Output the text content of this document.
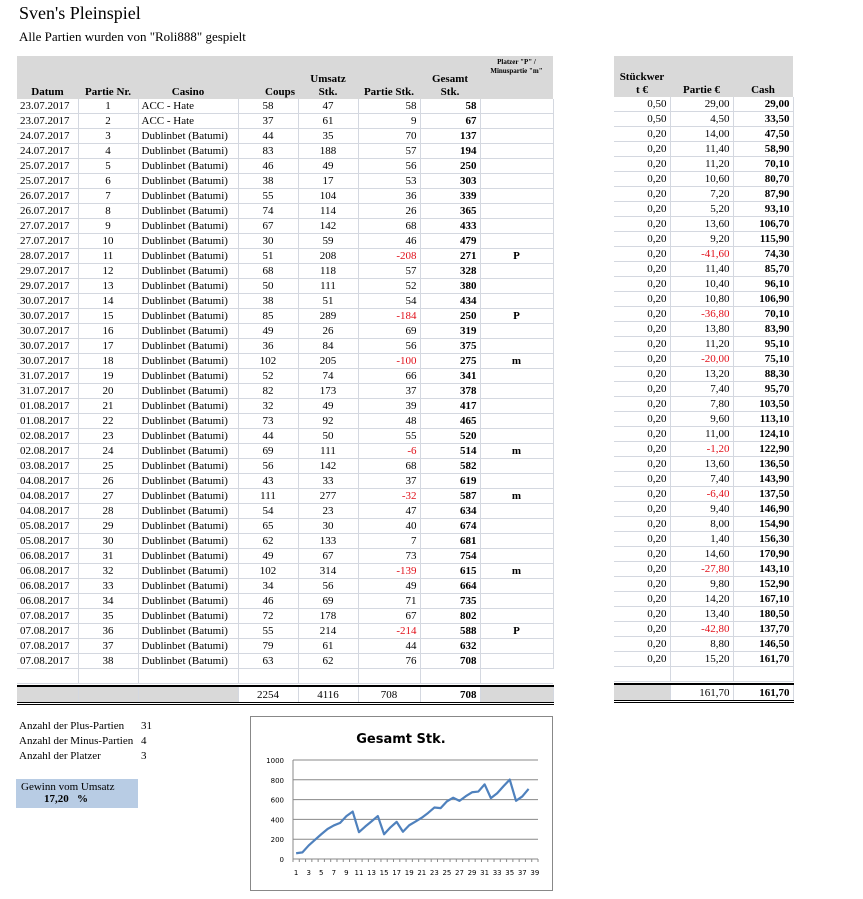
Sven's Pleinspiel
Alle Partien wurden von "Roli888" gespielt
Datum	Partie Nr.	Casino	Coups	Umsatz Stk.	Partie Stk.	Gesamt Stk.	Platzer "P" / Minuspartie "m"
23.07.2017	1	ACC - Hate	58	47	58	58	
23.07.2017	2	ACC - Hate	37	61	9	67	
24.07.2017	3	Dublinbet (Batumi)	44	35	70	137	
24.07.2017	4	Dublinbet (Batumi)	83	188	57	194	
25.07.2017	5	Dublinbet (Batumi)	46	49	56	250	
25.07.2017	6	Dublinbet (Batumi)	38	17	53	303	
26.07.2017	7	Dublinbet (Batumi)	55	104	36	339	
26.07.2017	8	Dublinbet (Batumi)	74	114	26	365	
27.07.2017	9	Dublinbet (Batumi)	67	142	68	433	
27.07.2017	10	Dublinbet (Batumi)	30	59	46	479	
28.07.2017	11	Dublinbet (Batumi)	51	208	-208	271	P
29.07.2017	12	Dublinbet (Batumi)	68	118	57	328	
29.07.2017	13	Dublinbet (Batumi)	50	111	52	380	
30.07.2017	14	Dublinbet (Batumi)	38	51	54	434	
30.07.2017	15	Dublinbet (Batumi)	85	289	-184	250	P
30.07.2017	16	Dublinbet (Batumi)	49	26	69	319	
30.07.2017	17	Dublinbet (Batumi)	36	84	56	375	
30.07.2017	18	Dublinbet (Batumi)	102	205	-100	275	m
31.07.2017	19	Dublinbet (Batumi)	52	74	66	341	
31.07.2017	20	Dublinbet (Batumi)	82	173	37	378	
01.08.2017	21	Dublinbet (Batumi)	32	49	39	417	
01.08.2017	22	Dublinbet (Batumi)	73	92	48	465	
02.08.2017	23	Dublinbet (Batumi)	44	50	55	520	
02.08.2017	24	Dublinbet (Batumi)	69	111	-6	514	m
03.08.2017	25	Dublinbet (Batumi)	56	142	68	582	
04.08.2017	26	Dublinbet (Batumi)	43	33	37	619	
04.08.2017	27	Dublinbet (Batumi)	111	277	-32	587	m
04.08.2017	28	Dublinbet (Batumi)	54	23	47	634	
05.08.2017	29	Dublinbet (Batumi)	65	30	40	674	
05.08.2017	30	Dublinbet (Batumi)	62	133	7	681	
06.08.2017	31	Dublinbet (Batumi)	49	67	73	754	
06.08.2017	32	Dublinbet (Batumi)	102	314	-139	615	m
06.08.2017	33	Dublinbet (Batumi)	34	56	49	664	
06.08.2017	34	Dublinbet (Batumi)	46	69	71	735	
07.08.2017	35	Dublinbet (Batumi)	72	178	67	802	
07.08.2017	36	Dublinbet (Batumi)	55	214	-214	588	P
07.08.2017	37	Dublinbet (Batumi)	79	61	44	632	
07.08.2017	38	Dublinbet (Batumi)	63	62	76	708	

			2254	4116	708	708	
Stückwer t €	Partie €	Cash
0,50	29,00	29,00
0,50	4,50	33,50
0,20	14,00	47,50
0,20	11,40	58,90
0,20	11,20	70,10
0,20	10,60	80,70
0,20	7,20	87,90
0,20	5,20	93,10
0,20	13,60	106,70
0,20	9,20	115,90
0,20	-41,60	74,30
0,20	11,40	85,70
0,20	10,40	96,10
0,20	10,80	106,90
0,20	-36,80	70,10
0,20	13,80	83,90
0,20	11,20	95,10
0,20	-20,00	75,10
0,20	13,20	88,30
0,20	7,40	95,70
0,20	7,80	103,50
0,20	9,60	113,10
0,20	11,00	124,10
0,20	-1,20	122,90
0,20	13,60	136,50
0,20	7,40	143,90
0,20	-6,40	137,50
0,20	9,40	146,90
0,20	8,00	154,90
0,20	1,40	156,30
0,20	14,60	170,90
0,20	-27,80	143,10
0,20	9,80	152,90
0,20	14,20	167,10
0,20	13,40	180,50
0,20	-42,80	137,70
0,20	8,80	146,50
0,20	15,20	161,70

	161,70	161,70
Anzahl der Plus-Partien 31
Anzahl der Minus-Partien 4
Anzahl der Platzer	3
Gewinn vom Umsatz
17,20 %
Gesamt Stk.
0
200
400
600
800
1000
1 3 5 7 9 11 13 15 17 19 21 23 25 27 29 31 33 35 37 39
